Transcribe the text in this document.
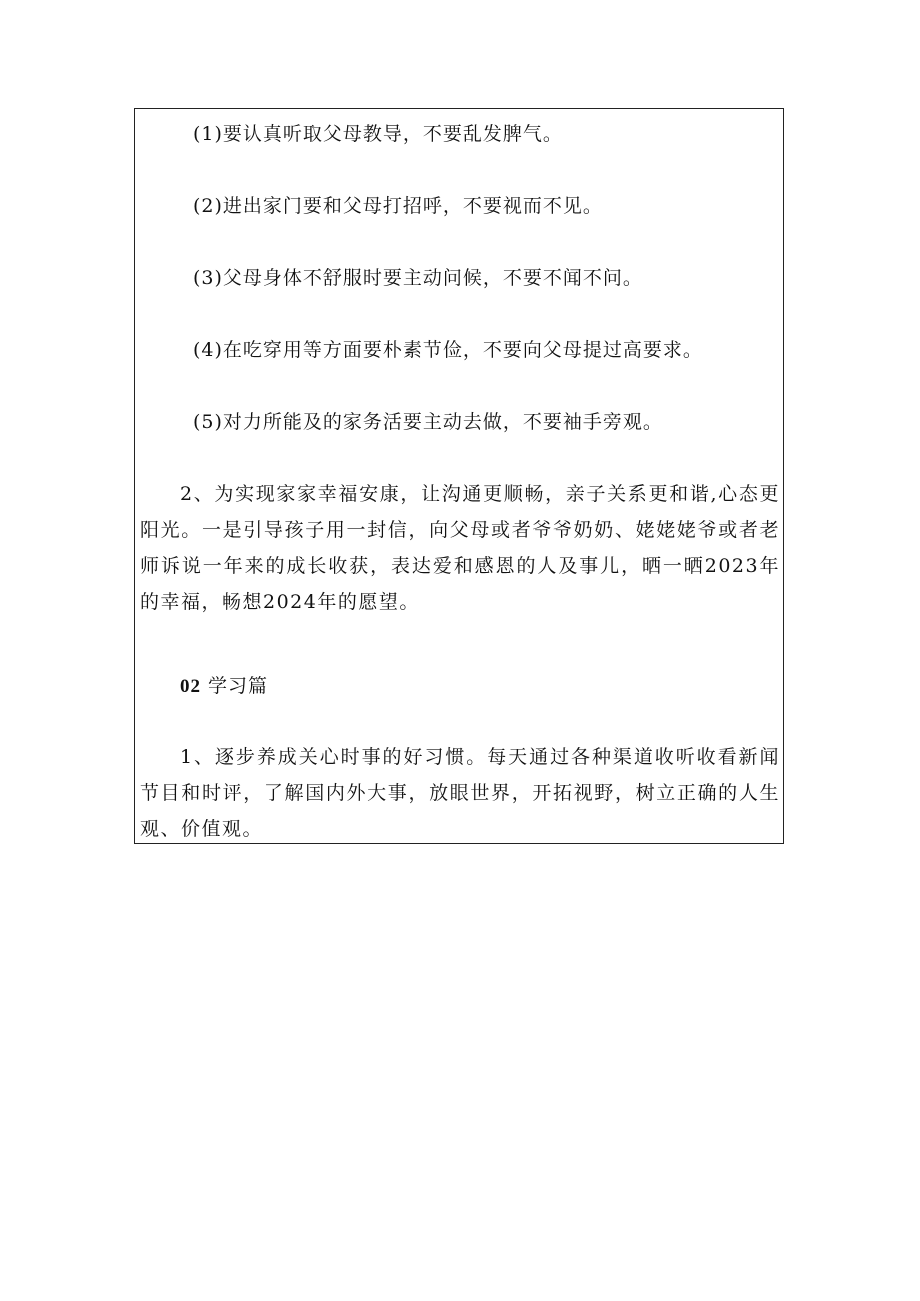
(1)要认真听取父母教导，不要乱发脾气。
(2)进出家门要和父母打招呼，不要视而不见。
(3)父母身体不舒服时要主动问候，不要不闻不问。
(4)在吃穿用等方面要朴素节俭，不要向父母提过高要求。
(5)对力所能及的家务活要主动去做，不要袖手旁观。

2、为实现家家幸福安康，让沟通更顺畅，亲子关系更和谐,心态更阳光。一是引导孩子用一封信，向父母或者爷爷奶奶、姥姥姥爷或者老师诉说一年来的成长收获，表达爱和感恩的人及事儿，晒一晒2023年的幸福，畅想2024年的愿望。

02 学习篇

1、逐步养成关心时事的好习惯。每天通过各种渠道收听收看新闻节目和时评，了解国内外大事，放眼世界，开拓视野，树立正确的人生观、价值观。
